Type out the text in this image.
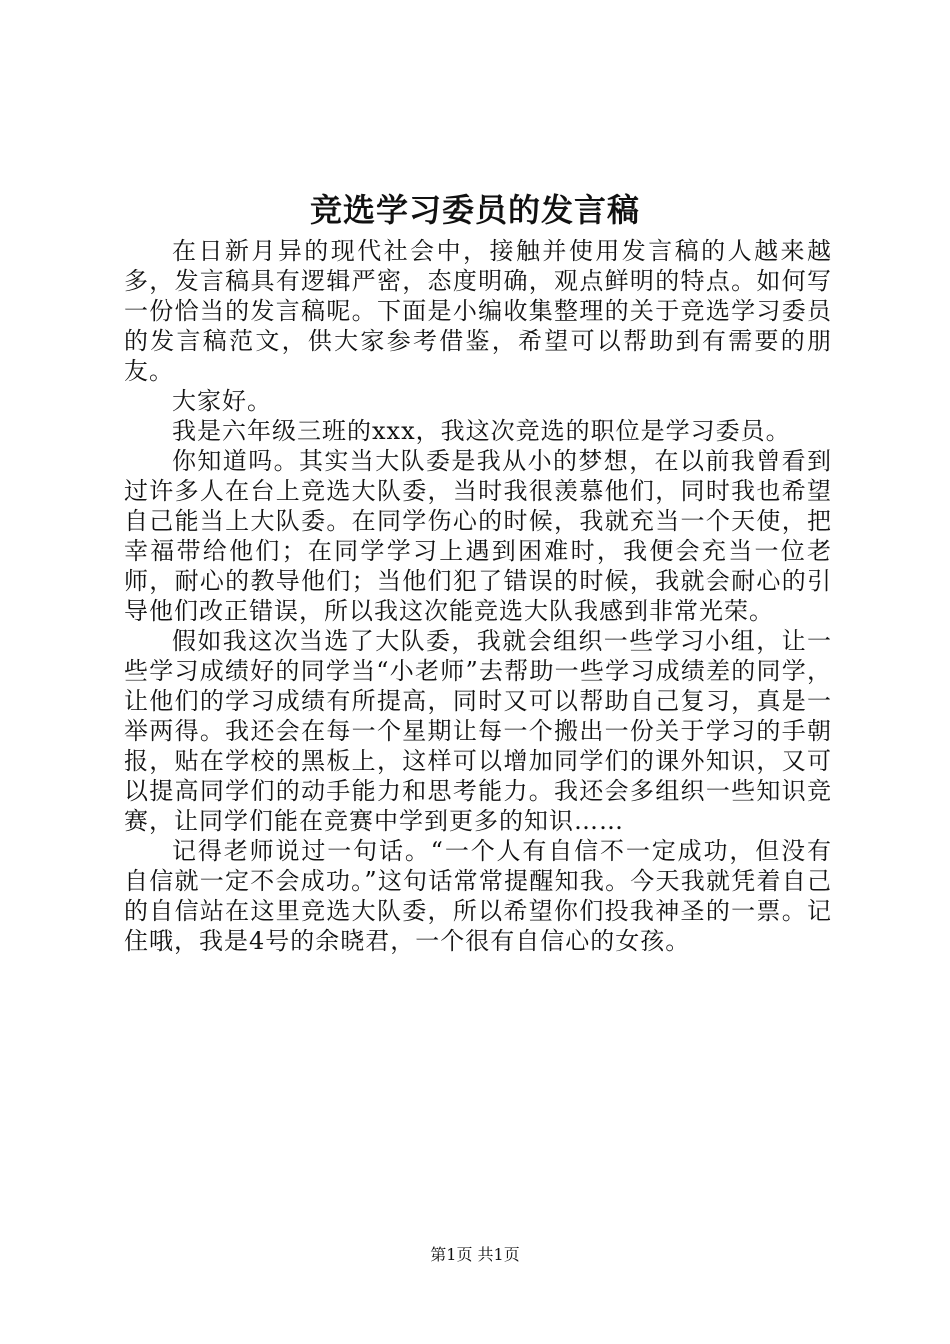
竞选学习委员的发言稿

在日新月异的现代社会中，接触并使用发言稿的人越来越多，发言稿具有逻辑严密，态度明确，观点鲜明的特点。如何写一份恰当的发言稿呢。下面是小编收集整理的关于竞选学习委员的发言稿范文，供大家参考借鉴，希望可以帮助到有需要的朋友。

大家好。

我是六年级三班的xxx，我这次竞选的职位是学习委员。

你知道吗。其实当大队委是我从小的梦想，在以前我曾看到过许多人在台上竞选大队委，当时我很羡慕他们，同时我也希望自己能当上大队委。在同学伤心的时候，我就充当一个天使，把幸福带给他们；在同学学习上遇到困难时，我便会充当一位老师，耐心的教导他们；当他们犯了错误的时候，我就会耐心的引导他们改正错误，所以我这次能竞选大队我感到非常光荣。

假如我这次当选了大队委，我就会组织一些学习小组，让一些学习成绩好的同学当“小老师”去帮助一些学习成绩差的同学，让他们的学习成绩有所提高，同时又可以帮助自己复习，真是一举两得。我还会在每一个星期让每一个搬出一份关于学习的手朝报，贴在学校的黑板上，这样可以增加同学们的课外知识，又可以提高同学们的动手能力和思考能力。我还会多组织一些知识竞赛，让同学们能在竞赛中学到更多的知识……

记得老师说过一句话。“一个人有自信不一定成功，但没有自信就一定不会成功。”这句话常常提醒知我。今天我就凭着自己的自信站在这里竞选大队委，所以希望你们投我神圣的一票。记住哦，我是4号的余晓君，一个很有自信心的女孩。

第1页 共1页
